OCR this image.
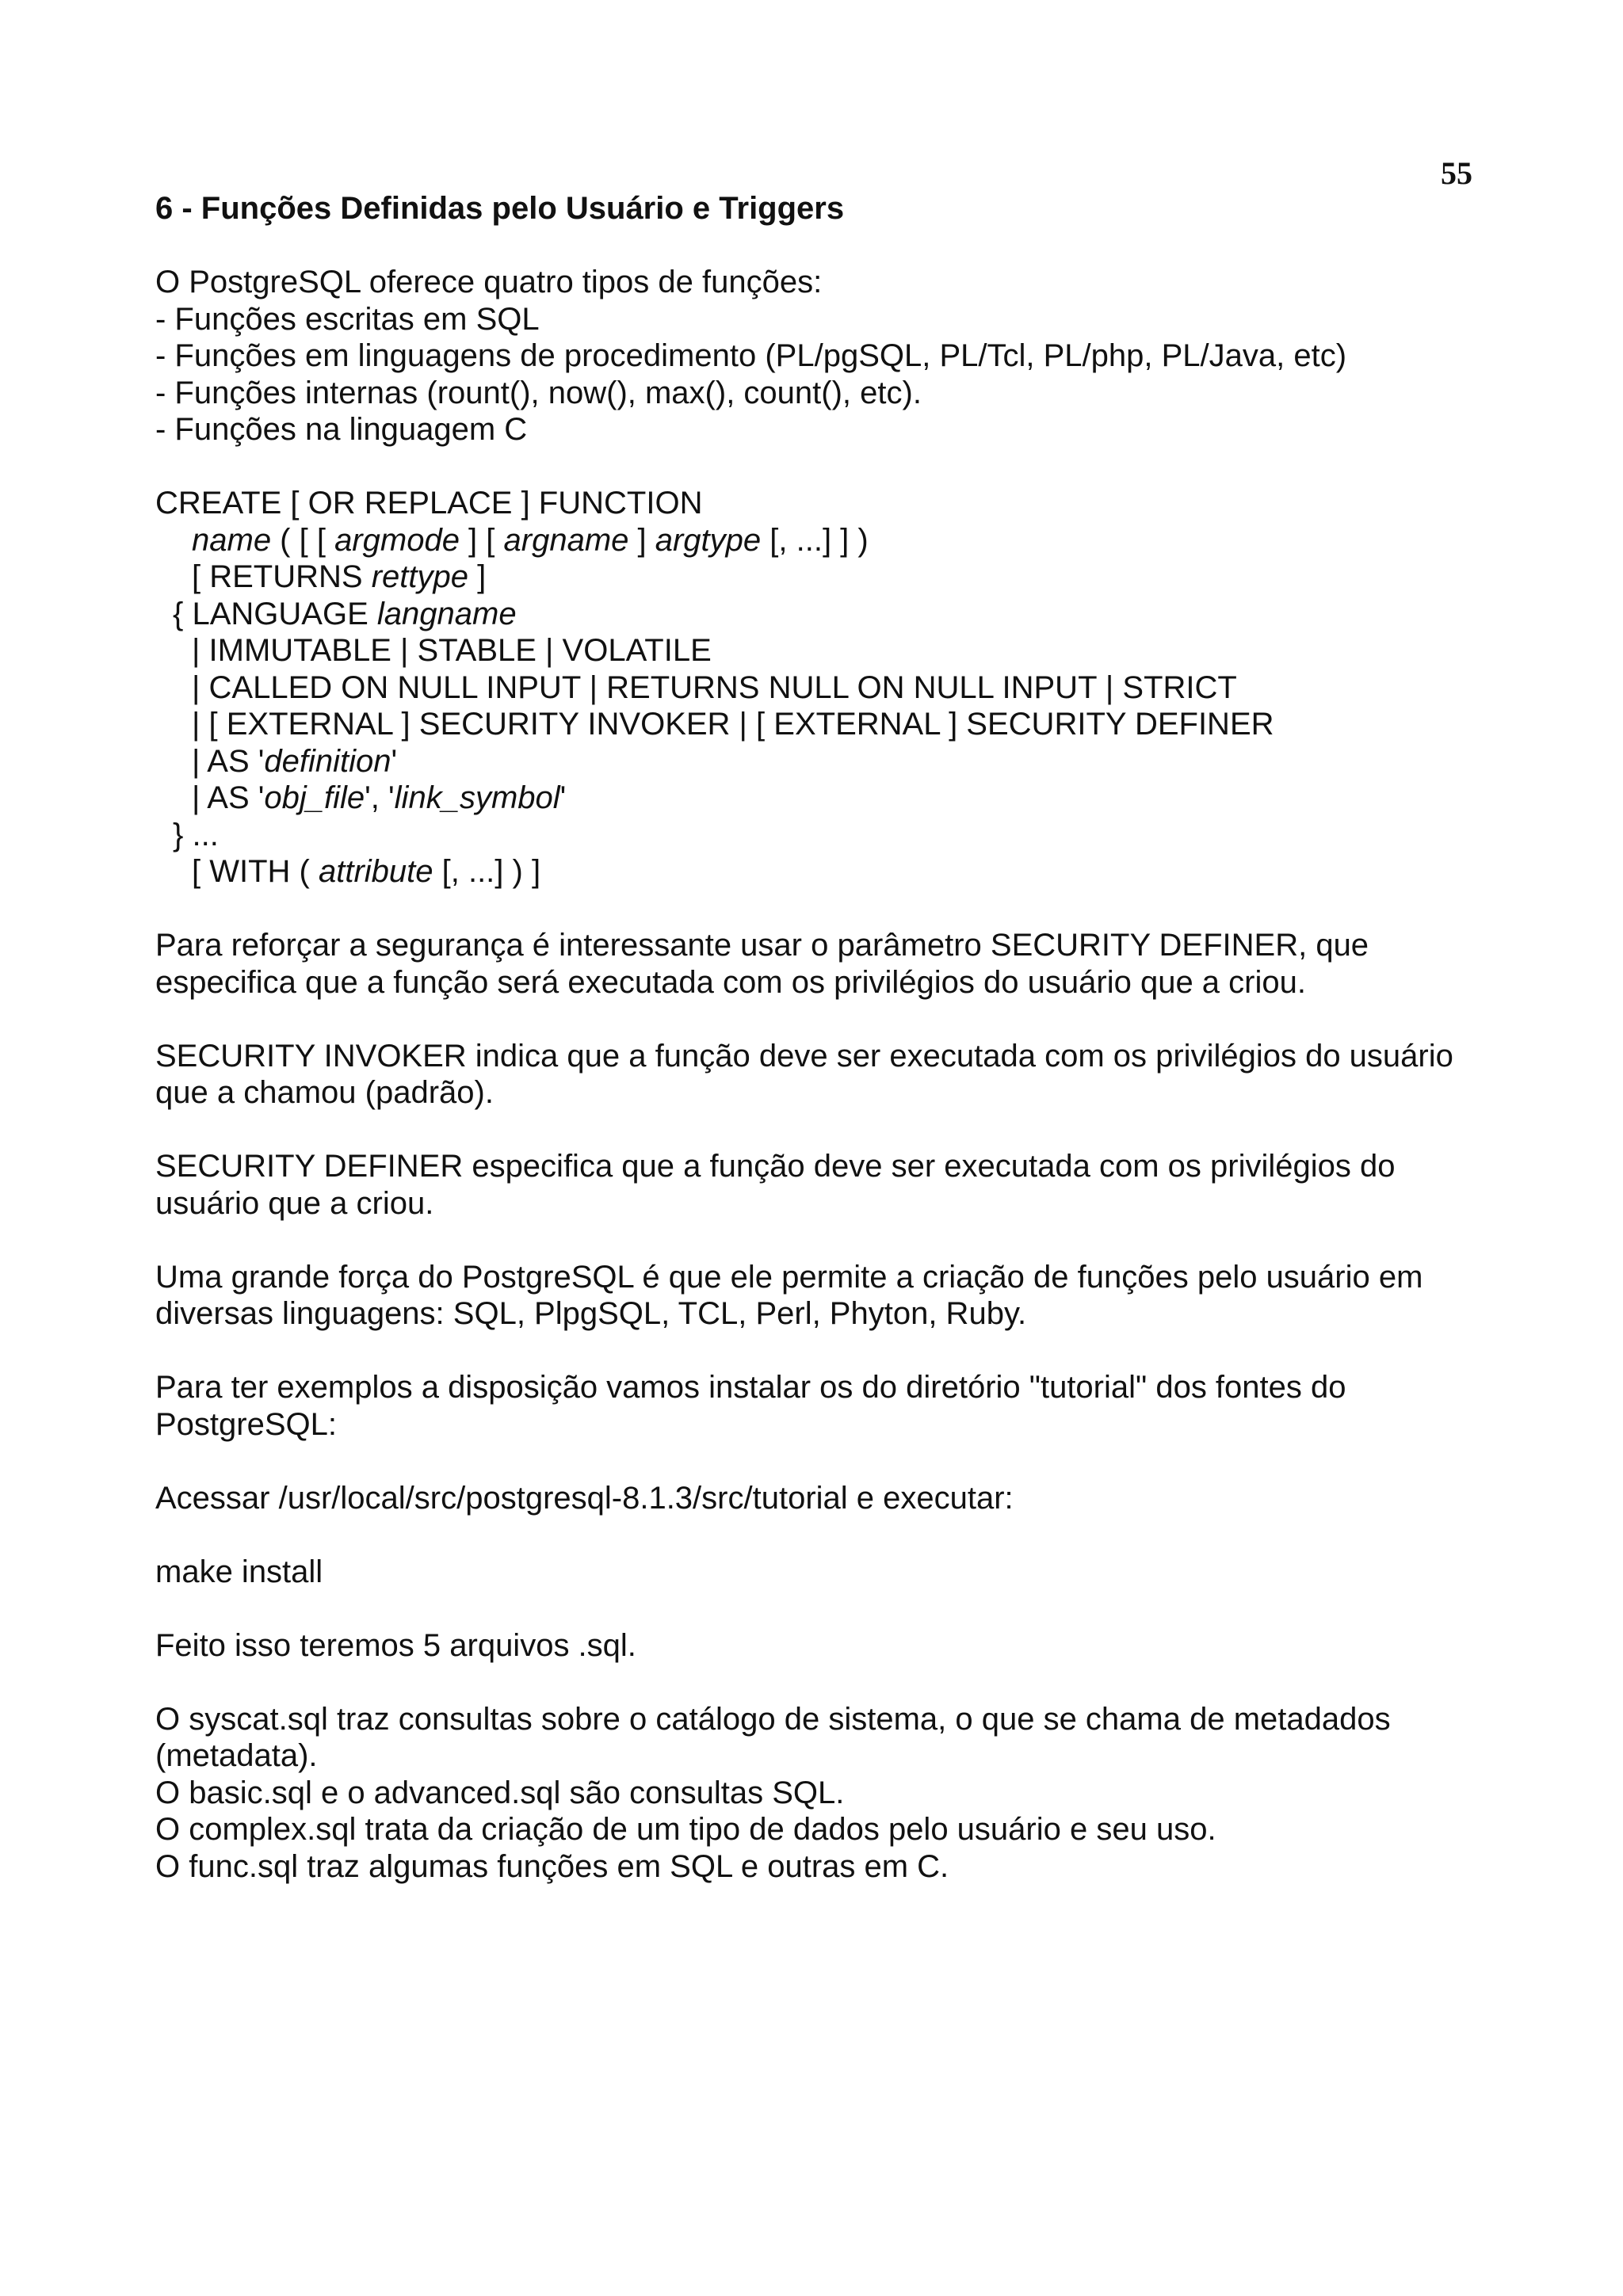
55
6 - Funções Definidas pelo Usuário e Triggers
O PostgreSQL oferece quatro tipos de funções:
- Funções escritas em SQL
- Funções em linguagens de procedimento (PL/pgSQL, PL/Tcl, PL/php, PL/Java, etc)
- Funções internas (rount(), now(), max(), count(), etc).
- Funções na linguagem C
CREATE [ OR REPLACE ] FUNCTION
name ( [ [ argmode ] [ argname ] argtype [, ...] ] )
[ RETURNS rettype ]
{ LANGUAGE langname
| IMMUTABLE | STABLE | VOLATILE
| CALLED ON NULL INPUT | RETURNS NULL ON NULL INPUT | STRICT
| [ EXTERNAL ] SECURITY INVOKER | [ EXTERNAL ] SECURITY DEFINER
| AS 'definition'
| AS 'obj_file', 'link_symbol'
} ...
[ WITH ( attribute [, ...] ) ]
Para reforçar a segurança é interessante usar o parâmetro SECURITY DEFINER, que
especifica que a função será executada com os privilégios do usuário que a criou.
SECURITY INVOKER indica que a função deve ser executada com os privilégios do usuário
que a chamou (padrão).
SECURITY DEFINER especifica que a função deve ser executada com os privilégios do
usuário que a criou.
Uma grande força do PostgreSQL é que ele permite a criação de funções pelo usuário em
diversas linguagens: SQL, PlpgSQL, TCL, Perl, Phyton, Ruby.
Para ter exemplos a disposição vamos instalar os do diretório "tutorial" dos fontes do
PostgreSQL:
Acessar /usr/local/src/postgresql-8.1.3/src/tutorial e executar:
make install
Feito isso teremos 5 arquivos .sql.
O syscat.sql traz consultas sobre o catálogo de sistema, o que se chama de metadados
(metadata).
O basic.sql e o advanced.sql são consultas SQL.
O complex.sql trata da criação de um tipo de dados pelo usuário e seu uso.
O func.sql traz algumas funções em SQL e outras em C.
